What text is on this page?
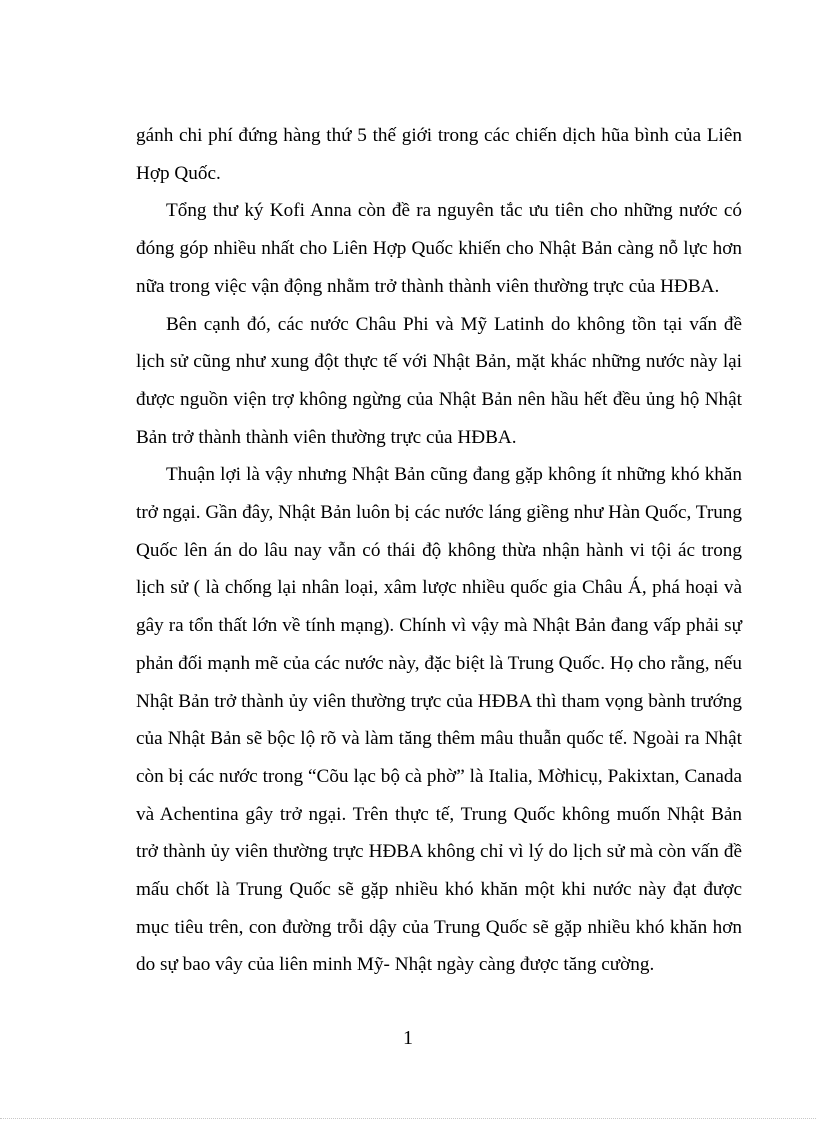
gánh chi phí đứng hàng thứ 5 thế giới trong các chiến dịch hũa bình của Liên Hợp Quốc.

Tổng thư ký Kofi Anna còn đề ra nguyên tắc ưu tiên cho những nước có đóng góp nhiều nhất cho Liên Hợp Quốc khiến cho Nhật Bản càng nỗ lực hơn nữa trong việc vận động nhằm trở thành thành viên thường trực của HĐBA.

Bên cạnh đó, các nước Châu Phi và Mỹ Latinh do không tồn tại vấn đề lịch sử cũng như xung đột thực tế với Nhật Bản, mặt khác những nước này lại được nguồn viện trợ không ngừng của Nhật Bản nên hầu hết đều ủng hộ Nhật Bản trở thành thành viên thường trực của HĐBA.

Thuận lợi là vậy nhưng Nhật Bản cũng đang gặp không ít những khó khăn trở ngại. Gần đây, Nhật Bản luôn bị các nước láng giềng như Hàn Quốc, Trung Quốc lên án do lâu nay vẫn có thái độ không thừa nhận hành vi tội ác trong lịch sử ( là chống lại nhân loại, xâm lược nhiều quốc gia Châu Á, phá hoại và gây ra tổn thất lớn về tính mạng). Chính vì vậy mà Nhật Bản đang vấp phải sự phản đối mạnh mẽ của các nước này, đặc biệt là Trung Quốc. Họ cho rằng, nếu Nhật Bản trở thành ủy viên thường trực của HĐBA thì tham vọng bành trướng của Nhật Bản sẽ bộc lộ rõ và làm tăng thêm mâu thuẫn quốc tế. Ngoài ra Nhật còn bị các nước trong “Cõu lạc bộ cà phờ” là Italia, Mờhicụ, Pakixtan, Canada và Achentina gây trở ngại. Trên thực tế, Trung Quốc không muốn Nhật Bản trở thành ủy viên thường trực HĐBA không chỉ vì lý do lịch sử mà còn vấn đề mấu chốt là Trung Quốc sẽ gặp nhiều khó khăn một khi nước này đạt được mục tiêu trên, con đường trỗi dậy của Trung Quốc sẽ gặp nhiều khó khăn hơn do sự bao vây của liên minh Mỹ- Nhật ngày càng được tăng cường.

1
